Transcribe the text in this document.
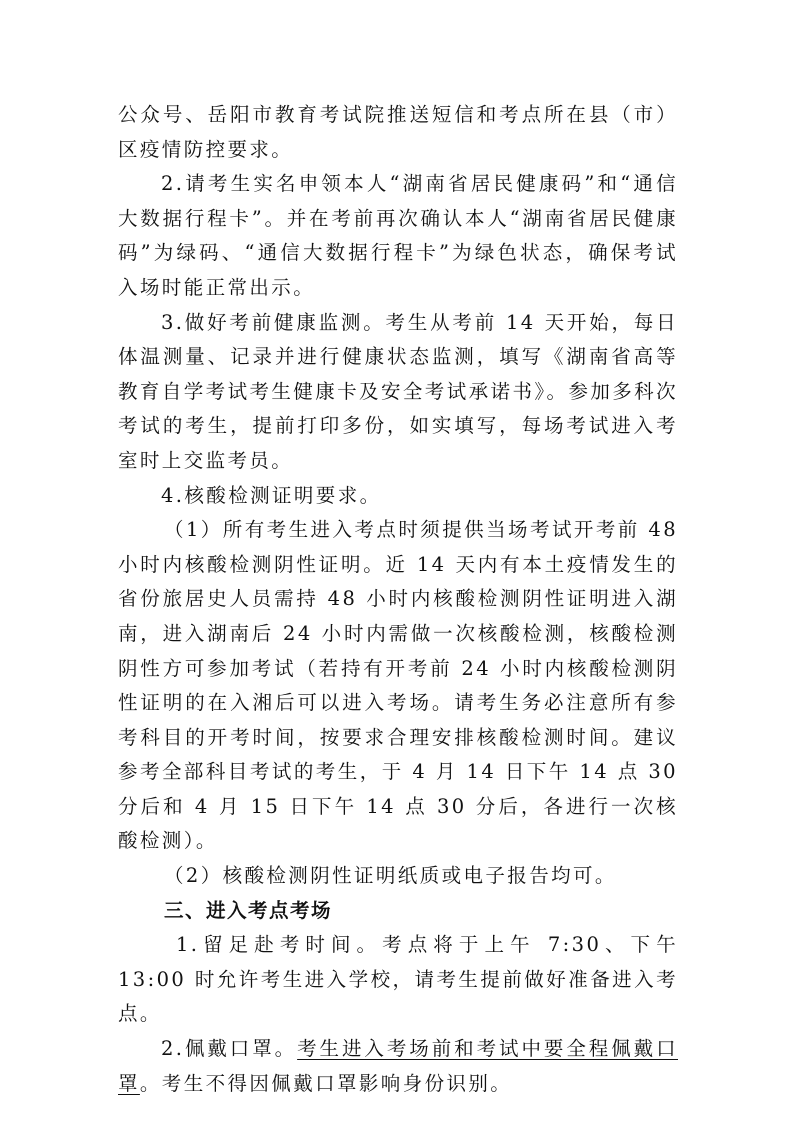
公众号、岳阳市教育考试院推送短信和考点所在县（市）区疫情防控要求。

2.请考生实名申领本人“湖南省居民健康码”和“通信大数据行程卡”。并在考前再次确认本人“湖南省居民健康码”为绿码、“通信大数据行程卡”为绿色状态，确保考试入场时能正常出示。

3.做好考前健康监测。考生从考前 14 天开始，每日体温测量、记录并进行健康状态监测，填写《湖南省高等教育自学考试考生健康卡及安全考试承诺书》。参加多科次考试的考生，提前打印多份，如实填写，每场考试进入考室时上交监考员。

4.核酸检测证明要求。

（1）所有考生进入考点时须提供当场考试开考前 48 小时内核酸检测阴性证明。近 14 天内有本土疫情发生的省份旅居史人员需持 48 小时内核酸检测阴性证明进入湖南，进入湖南后 24 小时内需做一次核酸检测，核酸检测阴性方可参加考试（若持有开考前 24 小时内核酸检测阴性证明的在入湘后可以进入考场。请考生务必注意所有参考科目的开考时间，按要求合理安排核酸检测时间。建议参考全部科目考试的考生，于 4 月 14 日下午 14 点 30 分后和 4 月 15 日下午 14 点 30 分后，各进行一次核酸检测）。

（2）核酸检测阴性证明纸质或电子报告均可。

三、进入考点考场

1.留足赴考时间。考点将于上午 7:30、下午 13:00 时允许考生进入学校，请考生提前做好准备进入考点。

2.佩戴口罩。考生进入考场前和考试中要全程佩戴口罩。考生不得因佩戴口罩影响身份识别。
